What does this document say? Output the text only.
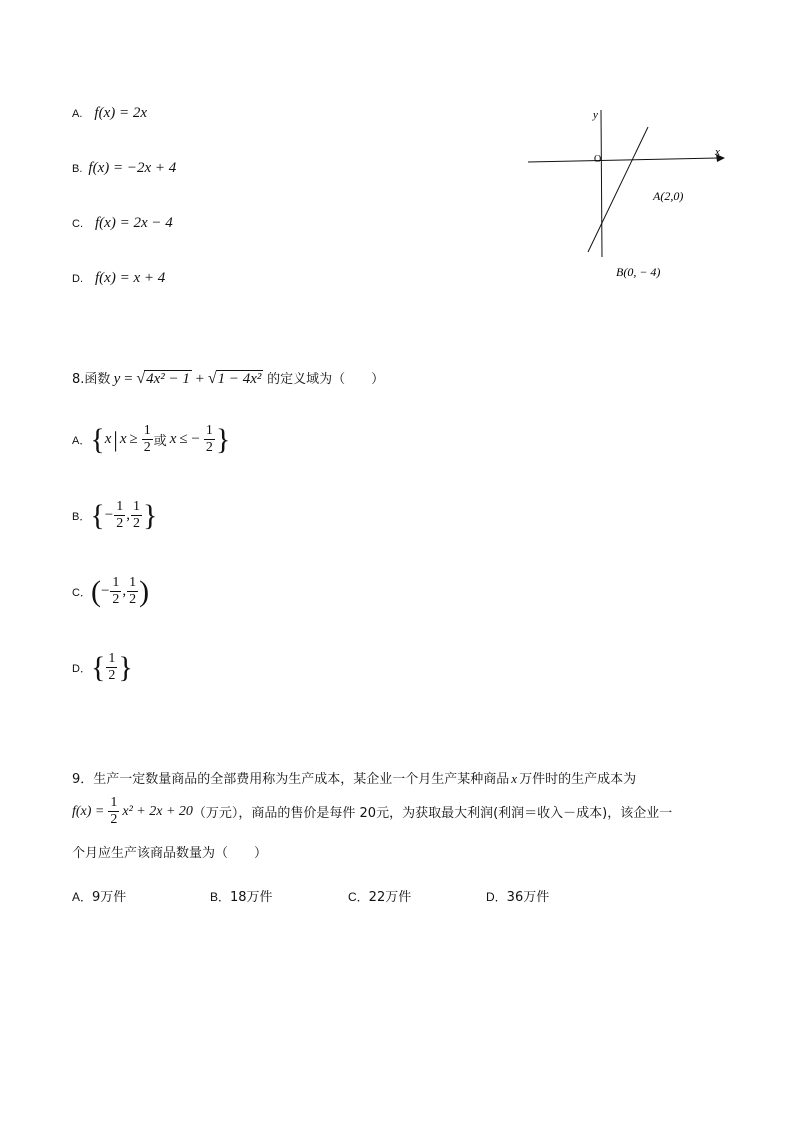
A. f(x) = 2x
B. f(x) = −2x + 4
C. f(x) = 2x − 4
D. f(x) = x + 4
y
x
O
A(2,0)
B(0, − 4)
8.函数 y = √4x² − 1 + √1 − 4x² 的定义域为（　　）
A． { x | $x \ge \frac{1}{2}$ 或 x ≤ − $\frac{1}{2}$ }
B． { − $\frac{1}{2}$ , $\frac{1}{2}$ }
C． ( − $\frac{1}{2}$ , $\frac{1}{2}$ )
D． { $\frac{1}{2}$ }
9．生产一定数量商品的全部费用称为生产成本，某企业一个月生产某种商品 x 万件时的生产成本为
$f(x) = \frac{1}{2} x^2 + 2x + 20$ （万元），商品的售价是每件 20元，为获取最大利润(利润＝收入－成本)，该企业一
个月应生产该商品数量为（　　）
A．9万件	B．18万件	C．22万件	D．36万件
